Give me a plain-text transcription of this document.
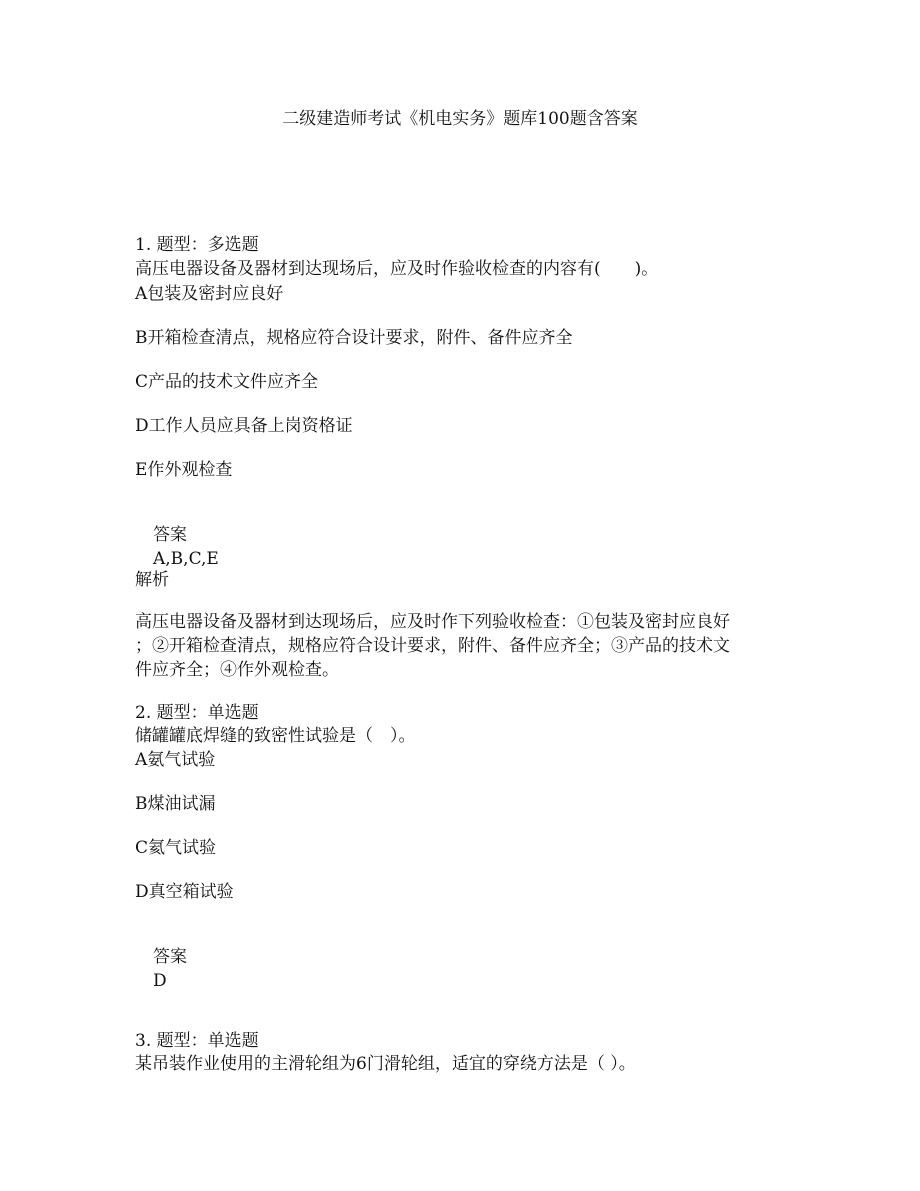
二级建造师考试《机电实务》题库100题含答案
1. 题型：多选题
高压电器设备及器材到达现场后，应及时作验收检查的内容有(　　)。
A包装及密封应良好
B开箱检查清点，规格应符合设计要求，附件、备件应齐全
C产品的技术文件应齐全
D工作人员应具备上岗资格证
E作外观检查
答案
A,B,C,E
解析
高压电器设备及器材到达现场后，应及时作下列验收检查：①包装及密封应良好
；②开箱检查清点，规格应符合设计要求，附件、备件应齐全；③产品的技术文
件应齐全；④作外观检查。
2. 题型：单选题
储罐罐底焊缝的致密性试验是（　）。
A氨气试验
B煤油试漏
C氦气试验
D真空箱试验
答案
D
3. 题型：单选题
某吊装作业使用的主滑轮组为6门滑轮组，适宜的穿绕方法是（ ）。
